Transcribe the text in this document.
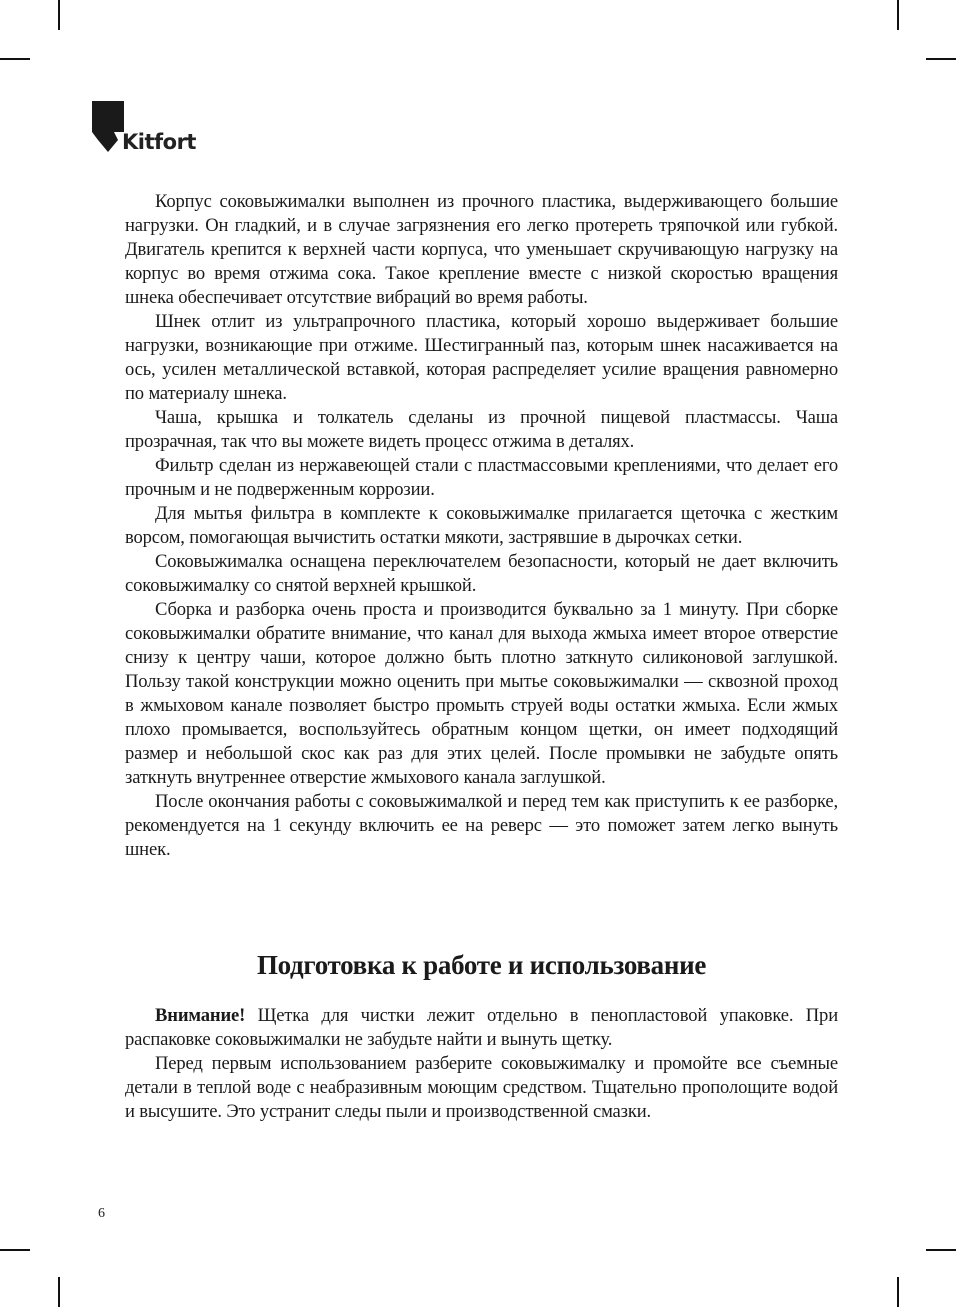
Kitfort

Корпус соковыжималки выполнен из прочного пластика, выдерживающего большие нагрузки. Он гладкий, и в случае загрязнения его легко протереть тряпочкой или губкой. Двигатель крепится к верхней части корпуса, что уменьшает скручивающую нагрузку на корпус во время отжима сока. Такое крепление вместе с низкой скоростью вращения шнека обеспечивает отсутствие вибраций во время работы.

Шнек отлит из ультрапрочного пластика, который хорошо выдерживает большие нагрузки, возникающие при отжиме. Шестигранный паз, которым шнек насаживается на ось, усилен металлической вставкой, которая распределяет усилие вращения равномерно по материалу шнека.

Чаша, крышка и толкатель сделаны из прочной пищевой пластмассы. Чаша прозрачная, так что вы можете видеть процесс отжима в деталях.

Фильтр сделан из нержавеющей стали с пластмассовыми креплениями, что делает его прочным и не подверженным коррозии.

Для мытья фильтра в комплекте к соковыжималке прилагается щеточка с жестким ворсом, помогающая вычистить остатки мякоти, застрявшие в дырочках сетки.

Соковыжималка оснащена переключателем безопасности, который не дает включить соковыжималку со снятой верхней крышкой.

Сборка и разборка очень проста и производится буквально за 1 минуту. При сборке соковыжималки обратите внимание, что канал для выхода жмыха имеет второе отверстие снизу к центру чаши, которое должно быть плотно заткнуто силиконовой заглушкой. Пользу такой конструкции можно оценить при мытье соковыжималки — сквозной проход в жмыховом канале позволяет быстро промыть струей воды остатки жмыха. Если жмых плохо промывается, воспользуйтесь обратным концом щетки, он имеет подходящий размер и небольшой скос как раз для этих целей. После промывки не забудьте опять заткнуть внутреннее отверстие жмыхового канала заглушкой.

После окончания работы с соковыжималкой и перед тем как приступить к ее разборке, рекомендуется на 1 секунду включить ее на реверс — это поможет затем легко вынуть шнек.

Подготовка к работе и использование

Внимание! Щетка для чистки лежит отдельно в пенопластовой упаковке. При распаковке соковыжималки не забудьте найти и вынуть щетку.

Перед первым использованием разберите соковыжималку и промойте все съемные детали в теплой воде с неабразивным моющим средством. Тщательно прополощите водой и высушите. Это устранит следы пыли и производственной смазки.

6
